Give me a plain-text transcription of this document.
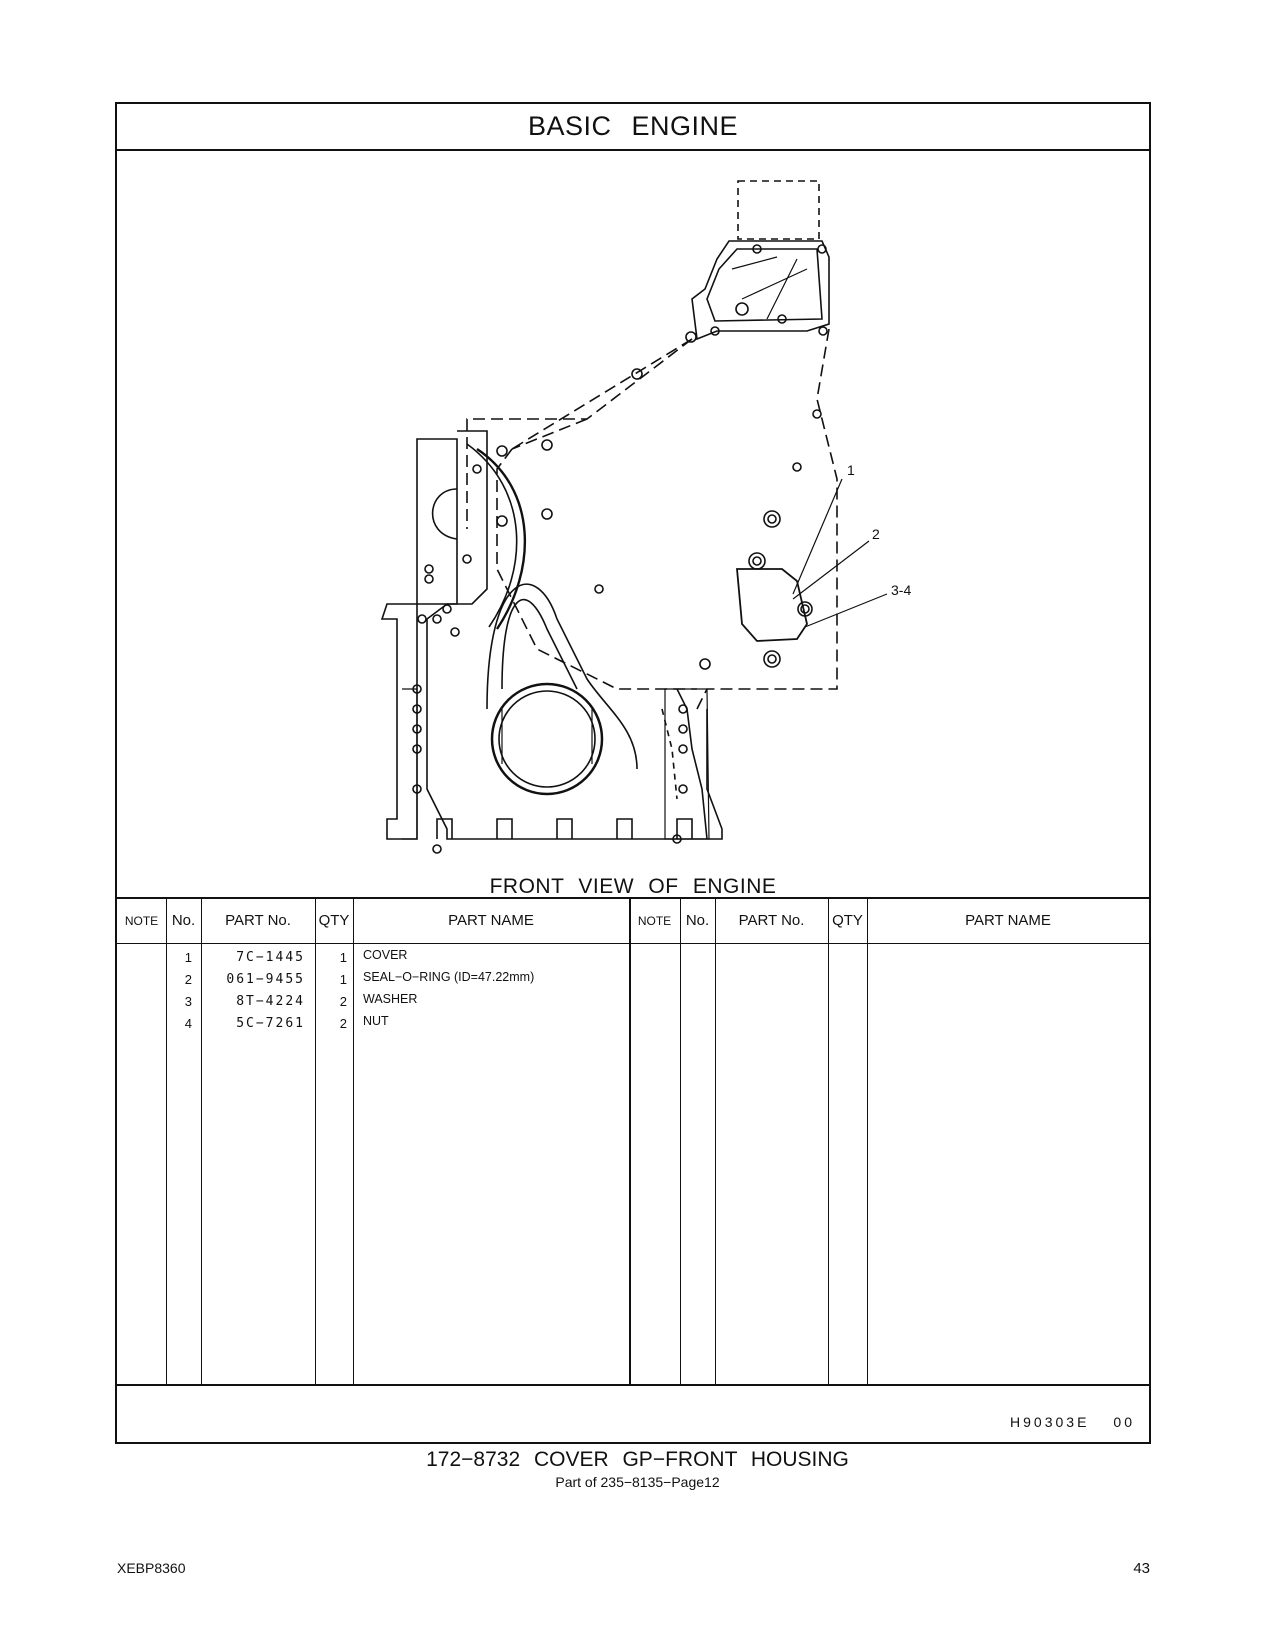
BASIC ENGINE
1
2
3-4
FRONT VIEW OF ENGINE
NOTE No.	PART No.	QTY	PART NAME	NOTE No.	PART No.	QTY	PART NAME
1	7C−1445	1 COVER
2	061−9455	1 SEAL−O−RING (ID=47.22mm)
3	8T−4224	2 WASHER
4	5C−7261	2 NUT
H90303E 00
172−8732 COVER GP−FRONT HOUSING
Part of 235−8135−Page12
XEBP8360	43
